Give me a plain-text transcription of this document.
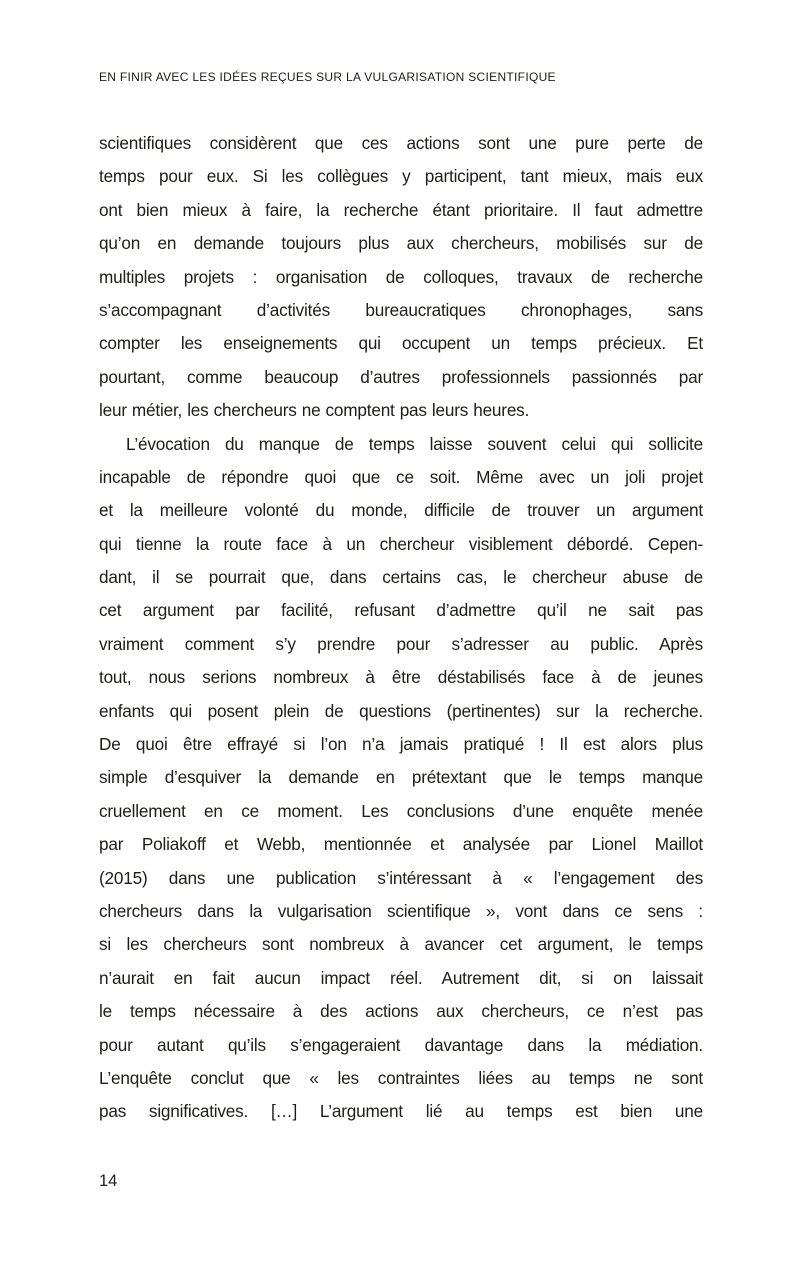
EN FINIR AVEC LES IDÉES REÇUES SUR LA VULGARISATION SCIENTIFIQUE
scientifiques considèrent que ces actions sont une pure perte de
temps pour eux. Si les collègues y participent, tant mieux, mais eux
ont bien mieux à faire, la recherche étant prioritaire. Il faut admettre
qu’on en demande toujours plus aux chercheurs, mobilisés sur de
multiples projets : organisation de colloques, travaux de recherche
s’accompagnant d’activités bureaucratiques chronophages, sans
compter les enseignements qui occupent un temps précieux. Et
pourtant, comme beaucoup d’autres professionnels passionnés par
leur métier, les chercheurs ne comptent pas leurs heures.
L’évocation du manque de temps laisse souvent celui qui sollicite
incapable de répondre quoi que ce soit. Même avec un joli projet
et la meilleure volonté du monde, difficile de trouver un argument
qui tienne la route face à un chercheur visiblement débordé. Cepen-
dant, il se pourrait que, dans certains cas, le chercheur abuse de
cet argument par facilité, refusant d’admettre qu’il ne sait pas
vraiment comment s’y prendre pour s’adresser au public. Après
tout, nous serions nombreux à être déstabilisés face à de jeunes
enfants qui posent plein de questions (pertinentes) sur la recherche.
De quoi être effrayé si l’on n’a jamais pratiqué ! Il est alors plus
simple d’esquiver la demande en prétextant que le temps manque
cruellement en ce moment. Les conclusions d’une enquête menée
par Poliakoff et Webb, mentionnée et analysée par Lionel Maillot
(2015) dans une publication s’intéressant à « l’engagement des
chercheurs dans la vulgarisation scientifique », vont dans ce sens :
si les chercheurs sont nombreux à avancer cet argument, le temps
n’aurait en fait aucun impact réel. Autrement dit, si on laissait
le temps nécessaire à des actions aux chercheurs, ce n’est pas
pour autant qu’ils s’engageraient davantage dans la médiation.
L’enquête conclut que « les contraintes liées au temps ne sont
pas significatives. […] L’argument lié au temps est bien une
14
